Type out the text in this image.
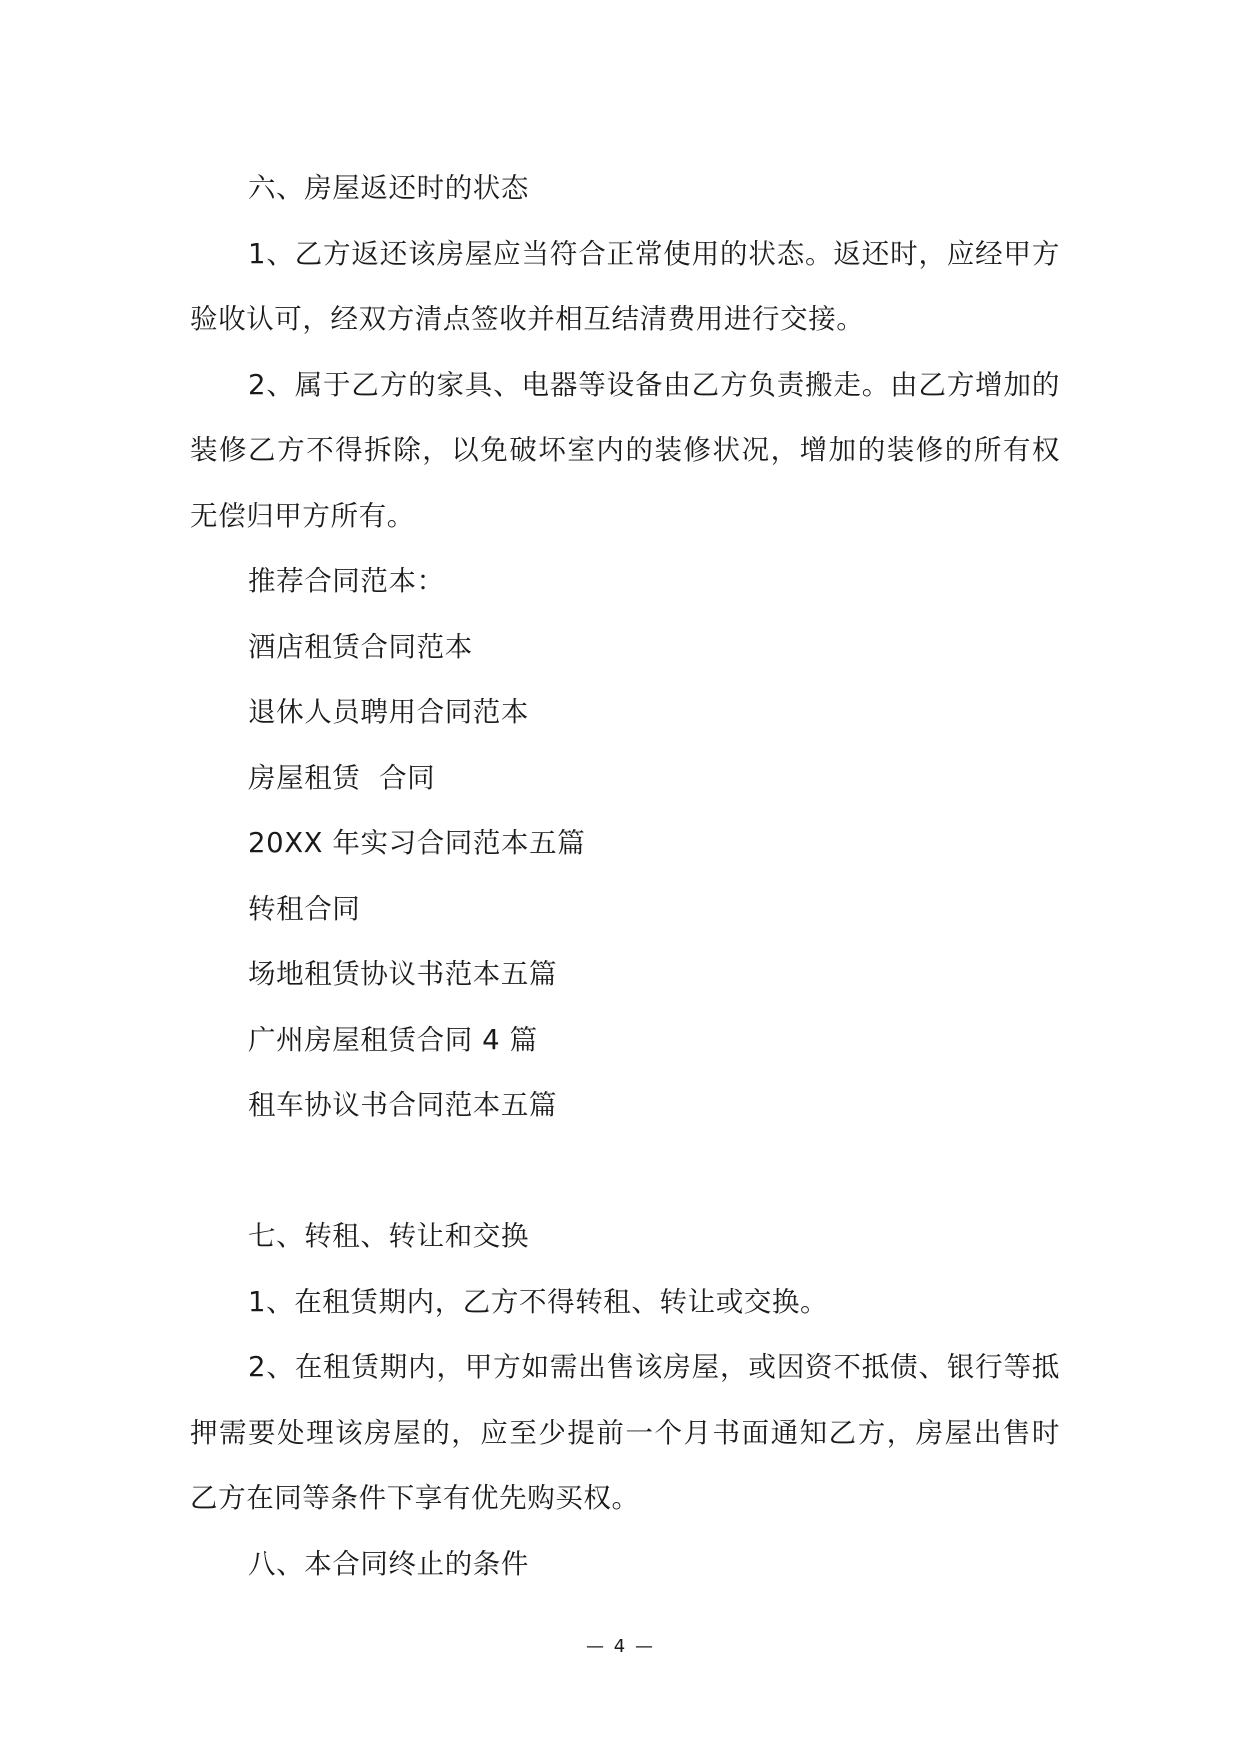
六、房屋返还时的状态

1、乙方返还该房屋应当符合正常使用的状态。返还时，应经甲方验收认可，经双方清点签收并相互结清费用进行交接。

2、属于乙方的家具、电器等设备由乙方负责搬走。由乙方增加的装修乙方不得拆除，以免破坏室内的装修状况，增加的装修的所有权无偿归甲方所有。

推荐合同范本：

酒店租赁合同范本

退休人员聘用合同范本

房屋租赁  合同

20XX 年实习合同范本五篇

转租合同

场地租赁协议书范本五篇

广州房屋租赁合同 4 篇

租车协议书合同范本五篇

七、转租、转让和交换

1、在租赁期内，乙方不得转租、转让或交换。

2、在租赁期内，甲方如需出售该房屋，或因资不抵债、银行等抵押需要处理该房屋的，应至少提前一个月书面通知乙方，房屋出售时乙方在同等条件下享有优先购买权。

八、本合同终止的条件

— 4 —
